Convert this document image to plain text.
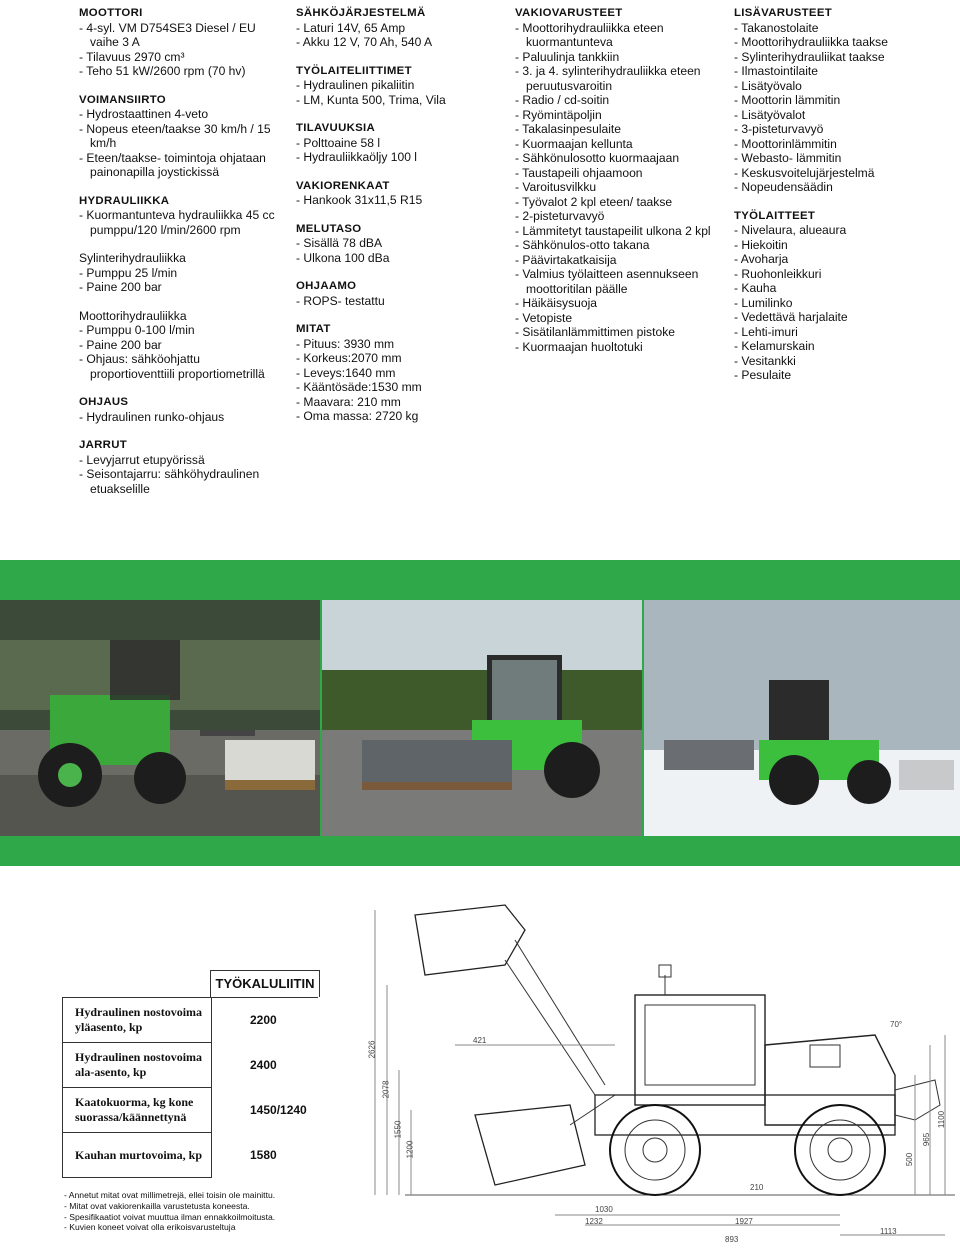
MOOTTORI
- 4-syl. VM D754SE3 Diesel / EU vaihe 3 A
- Tilavuus 2970 cm³
- Teho 51 kW/2600 rpm (70 hv)
VOIMANSIIRTO
- Hydrostaattinen 4-veto
- Nopeus eteen/taakse 30 km/h / 15 km/h
- Eteen/taakse- toimintoja ohjataan painonapilla joystickissä
HYDRAULIIKKA
- Kuormantunteva hydrauliikka 45 cc pumppu/120 l/min/2600 rpm
Sylinterihydrauliikka
- Pumppu 25 l/min
- Paine 200 bar
Moottorihydrauliikka
- Pumppu 0-100 l/min
- Paine 200 bar
- Ohjaus: sähköohjattu proportioventtiili proportiometrillä
OHJAUS
- Hydraulinen runko-ohjaus
JARRUT
- Levyjarrut etupyörissä
- Seisontajarru: sähköhydraulinen etuakselille
SÄHKÖJÄRJESTELMÄ
- Laturi 14V, 65 Amp
- Akku 12 V, 70 Ah, 540 A
TYÖLAITELIITTIMET
- Hydraulinen pikaliitin
- LM, Kunta 500, Trima, Vila
TILAVUUKSIA
- Polttoaine 58 l
- Hydrauliikkaöljy 100 l
VAKIORENKAAT
- Hankook 31x11,5 R15
MELUTASO
- Sisällä 78 dBA
- Ulkona 100 dBa
OHJAAMO
- ROPS- testattu
MITAT
- Pituus: 3930 mm
- Korkeus:2070 mm
- Leveys:1640 mm
- Kääntösäde:1530 mm
- Maavara: 210 mm
- Oma massa: 2720 kg
VAKIOVARUSTEET
- Moottorihydrauliikka eteen kuormantunteva
- Paluulinja tankkiin
- 3. ja 4. sylinterihydrauliikka eteen peruutusvaroitin
- Radio / cd-soitin
- Ryömintäpoljin
- Takalasinpesulaite
- Kuormaajan kellunta
- Sähkönulosotto kuormaajaan
- Taustapeili ohjaamoon
- Varoitusvilkku
- Työvalot 2 kpl eteen/ taakse
- 2-pisteturvavyö
- Lämmitetyt taustapeilit ulkona 2 kpl
- Sähkönulos-otto takana
- Päävirtakatkaisija
- Valmius työlaitteen asennukseen moottoritilan päälle
- Häikäisysuoja
- Vetopiste
- Sisätilanlämmittimen pistoke
- Kuormaajan huoltotuki
LISÄVARUSTEET
- Takanostolaite
- Moottorihydrauliikka taakse
- Sylinterihydrauliikat taakse
- Ilmastointilaite
- Lisätyövalo
- Moottorin lämmitin
- Lisätyövalot
- 3-pisteturvavyö
- Moottorinlämmitin
- Webasto- lämmitin
- Keskusvoitelujärjestelmä
- Nopeudensäädin
TYÖLAITTEET
- Nivelaura, alueaura
- Hiekoitin
- Avoharja
- Ruohonleikkuri
- Kauha
- Lumilinko
- Vedettävä harjalaite
- Lehti-imuri
- Kelamurskain
- Vesitankki
- Pesulaite
TYÖKALULIITIN
Hydraulinen nostovoima yläasento, kp	2200
Hydraulinen nostovoima ala-asento, kp	2400
Kaatokuorma, kg kone suorassa/käännettynä	1450/1240
Kauhan murtovoima, kp	1580
- Annetut mitat ovat millimetrejä, ellei toisin ole mainittu.
- Mitat ovat vakiorenkailla varustetusta koneesta.
- Spesifikaatiot voivat muuttua ilman ennakkoilmoitusta.
- Kuvien koneet voivat olla erikoisvarusteltuja
421
2626
2078
1550
1200
1030
1232	1927
1113
893
500
965
1100
210
70°
